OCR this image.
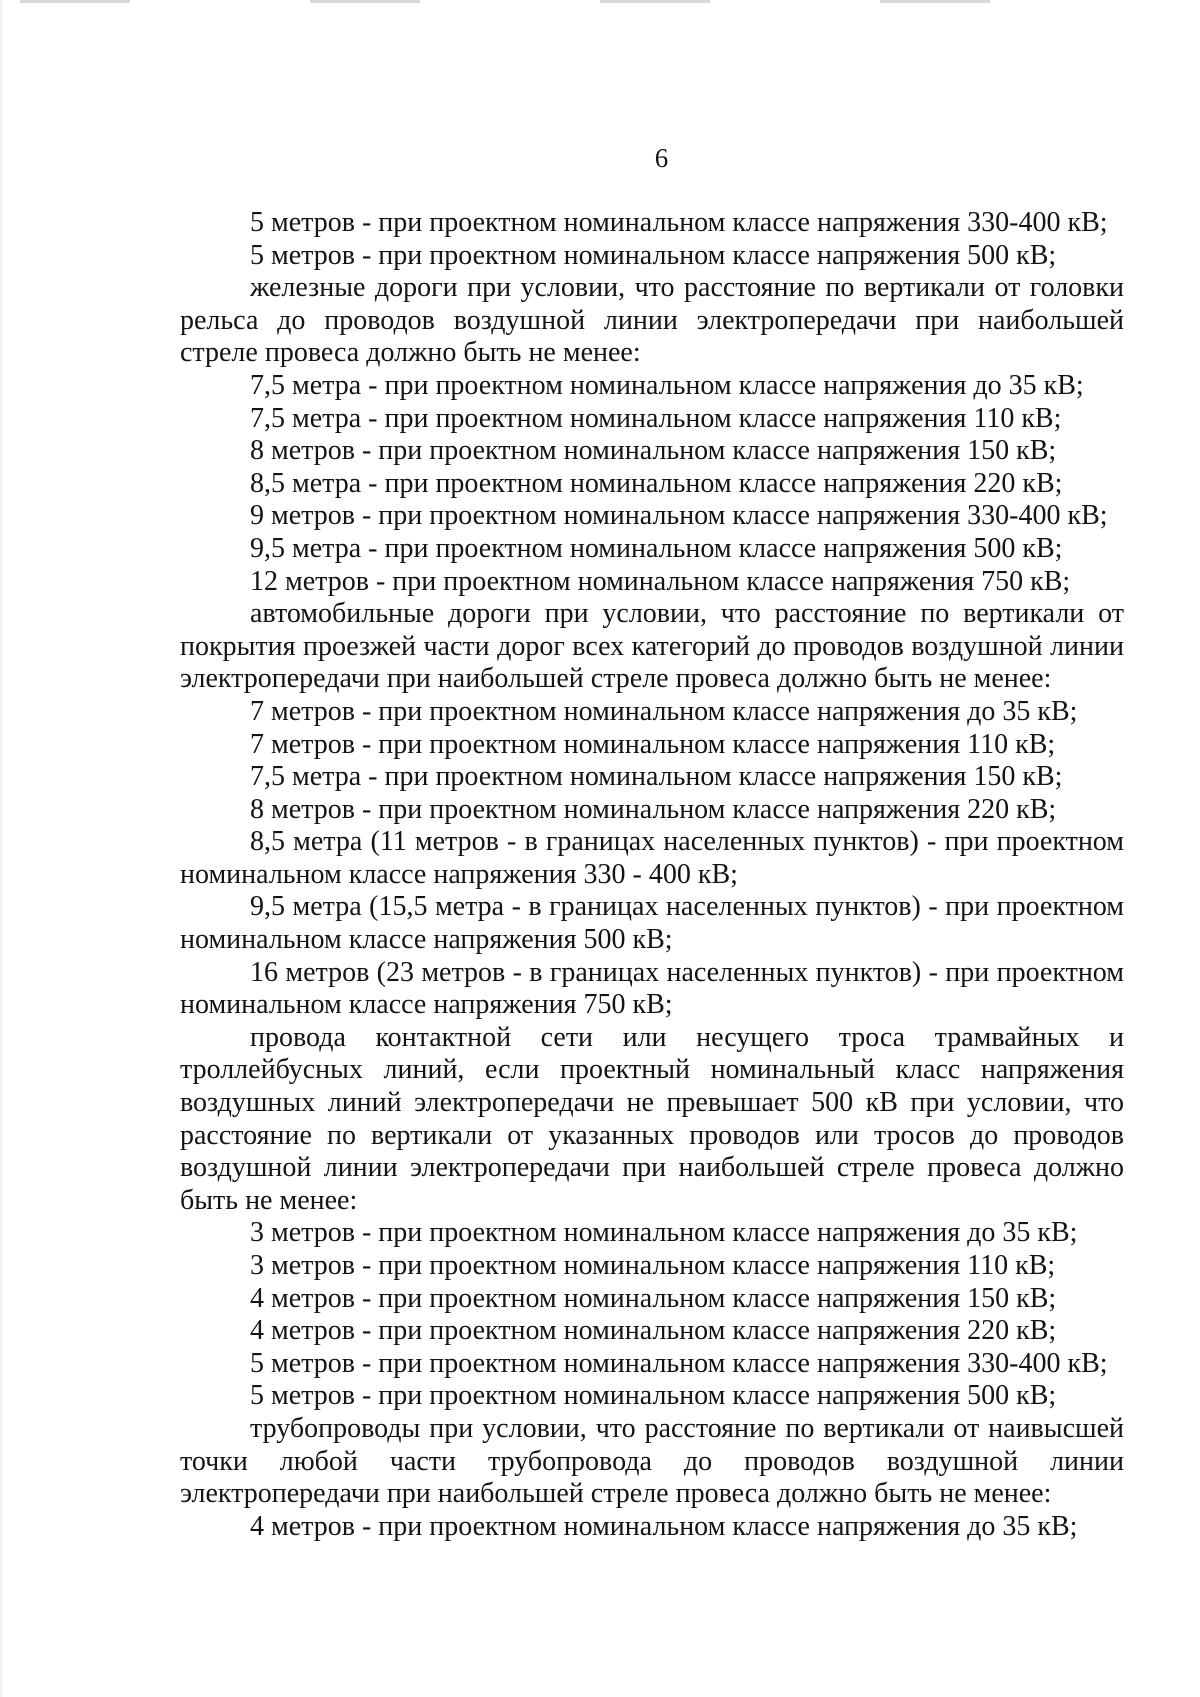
6

5 метров - при проектном номинальном классе напряжения 330-400 кВ;

5 метров - при проектном номинальном классе напряжения 500 кВ;

железные дороги при условии, что расстояние по вертикали от головки рельса до проводов воздушной линии электропередачи при наибольшей стреле провеса должно быть не менее:

7,5 метра - при проектном номинальном классе напряжения до 35 кВ;

7,5 метра - при проектном номинальном классе напряжения 110 кВ;

8 метров - при проектном номинальном классе напряжения 150 кВ;

8,5 метра - при проектном номинальном классе напряжения 220 кВ;

9 метров - при проектном номинальном классе напряжения 330-400 кВ;

9,5 метра - при проектном номинальном классе напряжения 500 кВ;

12 метров - при проектном номинальном классе напряжения 750 кВ;

автомобильные дороги при условии, что расстояние по вертикали от покрытия проезжей части дорог всех категорий до проводов воздушной линии электропередачи при наибольшей стреле провеса должно быть не менее:

7 метров - при проектном номинальном классе напряжения до 35 кВ;

7 метров - при проектном номинальном классе напряжения 110 кВ;

7,5 метра - при проектном номинальном классе напряжения 150 кВ;

8 метров - при проектном номинальном классе напряжения 220 кВ;

8,5 метра (11 метров - в границах населенных пунктов) - при проектном номинальном классе напряжения 330 - 400 кВ;

9,5 метра (15,5 метра - в границах населенных пунктов) - при проектном номинальном классе напряжения 500 кВ;

16 метров (23 метров - в границах населенных пунктов) - при проектном номинальном классе напряжения 750 кВ;

провода контактной сети или несущего троса трамвайных и троллейбусных линий, если проектный номинальный класс напряжения воздушных линий электропередачи не превышает 500 кВ при условии, что расстояние по вертикали от указанных проводов или тросов до проводов воздушной линии электропередачи при наибольшей стреле провеса должно быть не менее:

3 метров - при проектном номинальном классе напряжения до 35 кВ;

3 метров - при проектном номинальном классе напряжения 110 кВ;

4 метров - при проектном номинальном классе напряжения 150 кВ;

4 метров - при проектном номинальном классе напряжения 220 кВ;

5 метров - при проектном номинальном классе напряжения 330-400 кВ;

5 метров - при проектном номинальном классе напряжения 500 кВ;

трубопроводы при условии, что расстояние по вертикали от наивысшей точки любой части трубопровода до проводов воздушной линии электропередачи при наибольшей стреле провеса должно быть не менее:

4 метров - при проектном номинальном классе напряжения до 35 кВ;
